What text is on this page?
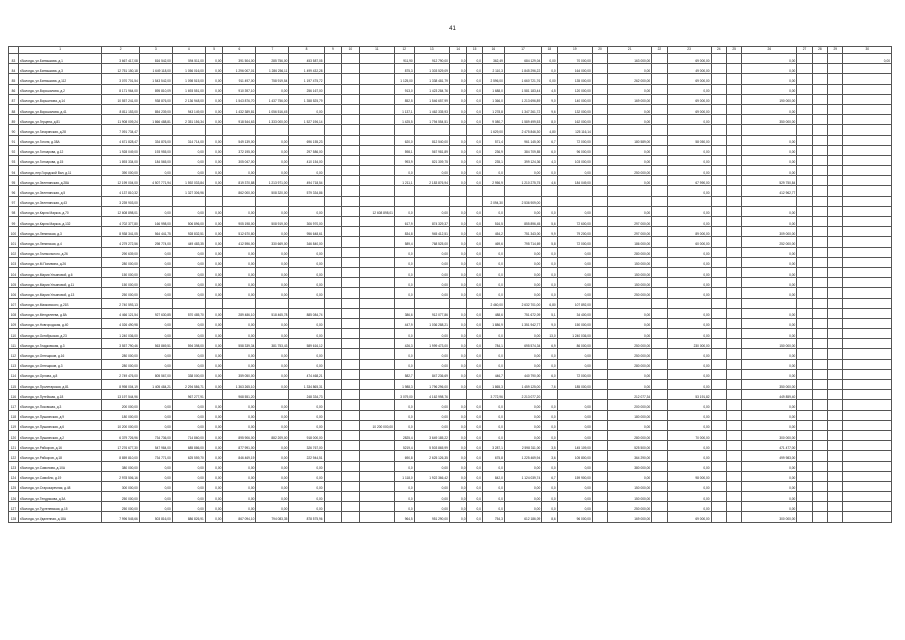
41
	1	2	3	4	5	6	7	8	9	10	11	12	13	14	15	16	17	18	19	20	21	22	23	24	25	26	27	28	29	30
83	г.Вологда, ул.Батюшкова, д.1	3 667 417,08	816 542,00	594 511,00	0,00	391 504,00	285 756,00	453 587,05				911,90	912 790,00	0,0	0,0	362,49	684 129,04	0,00	70 000,00		163 000,00		69 000,00			0,00				0,00
84	г.Вологда, ул.Батюшкова, д.3	12 751 150,18	1 649 118,00	1 056 016,00	0,00	1 296 007,01	1 286 256,11	1 499 432,28				875,3	1 303 529,09	0,0	0,0	2 110,3	1 845 296,22	0,0	164 000,00		0,00		49 000,00			0,00				
85	г.Вологда, ул.Батюшкова, д.112	3 070 701,54	1 543 542,00	1 098 515,00	0,00	911 497,00	758 919,54	1 197 475,72				1 125,00	1 338 481,79	0,0	0,0	2 596,00	1 660 721,76	0,00	135 000,00		262 000,00		69 000,00			0,00				
86	г.Вологда, ул.Ворошилова, д.2	8 171 964,00	895 810,09	1 693 551,00	0,00	910 397,10	0,00	256 167,00				913,0	1 423 284,76	0,0	0,0	1 688,0	1 581 183,44	4,5	120 000,00		0,00		0,00			0,00				
87	г.Вологда, ул.Воршилова, д.14	10 557 241,00	938 876,00	2 136 948,00	0,00	1 543 876,70	1 437 756,00	1 358 525,79				852,5	1 546 657,99	0,0	0,0	1 366,0	1 213 696,89	9,0	140 000,00		169 000,00		69 000,00			190 000,00				
88	г.Вологда, ул.Ворошилова, д.41	8 811 153,00	854 239,00	943 149,00	0,00	1 432 389,81	1 056 516,45	0,00				1 137,1	1 462 335,93	0,0	0,0	1 278,8	1 347 261,72	9,6	132 000,00		0,00		69 000,00			0,00				
89	г.Вологда, ул.Герцена, д.81	11 908 009,24	1 866 488,81	2 351 156,34	0,00	918 544,63	1 333 000,00	1 527 196,14				1 425,5	1 794 554,51	0,0	0,0	9 080,7	1 589 499,53	8,0	162 000,00		0,00		0,00			350 000,00				
90	г.Вологда, ул.Гагаринская, д.28	7 091 734,47														1 629,00	2 475 846,30	4,80	125 116,14											
91	г.Вологда, ул.Гоголя, д.38А	4 671 828,47	334 876,00	314 714,00	0,00	549 139,00	0,00	696 155,23				620,0	812 540,00	0,0	0,0	571,4	961 145,00	6,7	72 000,00		180 589,00		58 050,00			0,00				
92	г.Вологда, ул.Гончарова, д.12	1 928 049,00	193 955,00	0,00	0,00	372 195,00	0,00	297 586,00				598,1	567 981,89	0,0	0,0	236,9	384 709,85	6,0	96 000,00		0,00		0,00			0,00				
93	г.Вологда, ул.Гончарова, д.15	1 893 334,00	184 565,00	0,00	0,00	305 047,00	0,00	410 154,00				993,9	821 309,75	0,0	0,0	235,1	399 124,36	4,3	103 000,00		0,00		0,00			0,00				
94	г.Вологда, пер.Городской Вал, д.11	390 000,00	0,00	0,00	0,00	0,00	0,00	0,00				0,0	0,00	0,0	0,0	0,0	0,00	0,0	0,00		250 000,00		0,00			0,00				
95	г.Вологда, ул.Зеленинская, д.28А	12 199 004,00	4 507 771,94	1 592 033,84	0,00	819 370,88	1 213 971,00	494 718,54				1 211,1	2 183 876,94	0,0	0,0	2 956,9	1 210 275,75	4,6	184 049,00		0,00		67 990,00			529 750,84				
96	г.Вологда, ул.Зеленинская, д.5	4 137 810,32		1 327 306,96		862 000,00	508 320,00	579 334,86															0,00			412 962,77				
97	г.Вологда, ул.Зеленинская, д.43	3 239 903,00														2 094,30	2 536 909,00													
98	г.Вологда, ул.Карла Маркса, д.70	12 608 898,01	0,00	0,00	0,00	0,00	0,00	0,00			12 608 898,01	0,0	0,00	0,0	0,0	0,0	0,00	0,0	0,00		0,00		0,00			0,00				
99	г.Вологда, ул.Карла Маркса, д.132	4 702 377,80	166 998,00	506 896,00	0,00	905 198,00	508 919,00	306 970,00				617,9	874 329,37	0,0	0,0	516,5	855 896,45	5,6	72 600,00		297 000,00		0,00			0,00				
100	г.Вологда, ул.Ленинская, д.3	8 938 341,05	564 441,75	928 832,51	0,00	512 670,80	0,00	956 648,61				834,8	945 412,51	0,0	0,0	454,2	751 343,00	9,9	79 200,00		297 000,00		89 000,00			309 000,00				
101	г.Вологда, ул.Ленинская, д.4	4 279 272,56	298 774,00	449 483,35	0,00	412 596,00	330 669,00	346 840,00				589,4	768 525,00	0,0	0,0	469,6	795 714,69	5,8	72 000,00		186 000,00		60 000,00			252 000,00				
102	г.Вологда, ул.Глинкольного, д.26	290 639,00	0,00	0,00	0,00	0,00	0,00	0,00				0,0	0,00	0,0	0,0	0,0	0,00	0,0	0,00		280 000,00		0,00			0,00				
103	г.Вологда, ул.М.Поливина, д.26	280 000,00	0,00	0,00	0,00	0,00	0,00	0,00				0,0	0,00	0,0	0,0	0,0	0,00	0,0	0,00		150 000,00		0,00			0,00				
104	г.Вологда, ул.Марии Ульяновой, д.6	150 000,00	0,00	0,00	0,00	0,00	0,00	0,00				0,0	0,00	0,0	0,0	0,0	0,00	0,0	0,00		150 000,00		0,00			0,00				
105	г.Вологда, ул.Марии Ульяновой, д.11	150 000,00	0,00	0,00	0,00	0,00	0,00	0,00				0,0	0,00	0,0	0,0	0,0	0,00	0,0	0,00		150 000,00		0,00			0,00				
106	г.Вологда, ул.Марии Ульяновой, д.13	250 000,00	0,00	0,00	0,00	0,00	0,00	0,00				0,0	0,00	0,0	0,0	0,0	0,00	0,0	0,00		250 000,00		0,00			0,00				
107	г.Вологда, ул.Маяковского, д.21Б	2 740 593,13														2 460,00	2 632 701,00	6,80	107 892,00											
108	г.Вологда, ул.Менделеева, д.8А	4 466 121,54	927 630,85	570 485,70	0,00	289 486,10	518 465,78	885 084,74				386,6	912 077,86	0,0	0,0	488,6	751 672,09	5,1	34 400,00		0,00		0,00			0,00				
109	г.Вологда, ул.Новгородская, д.40	4 026 490,98	0,00	0,00	0,00	0,00	0,00	0,00				447,9	1 036 288,21	0,0	0,0	1 886,9	1 351 942,77	9,0	150 000,00		0,00		0,00			0,00				
110	г.Вологда, ул.Октябрьская, д.23	1 240 036,00	0,00	0,00	0,00	0,00	0,00	0,00				0,0	0,00	0,0	0,0	0,0	0,00	13,0	1 240 036,00		0,00		0,00			0,00				
111	г.Вологда, ул.Гладковская, д.3	3 557 790,46	563 869,51	594 398,00	0,00	558 339,34	381 753,43	589 616,12				426,3	1 999 473,00	0,0	0,0	784,1	695 574,34	6,9	86 000,00		250 000,00		230 000,00			150 000,00				
112	г.Вологда, ул.Огнещиков, д.16	280 000,00	0,00	0,00	0,00	0,00	0,00	0,00				0,0	0,00	0,0	0,0	0,0	0,00	0,0	0,00		250 000,00		0,00			0,00				
113	г.Вологда, ул.Огнещиков, д.3	280 000,00	0,00	0,00	0,00	0,00	0,00	0,00				0,0	0,00	0,0	0,0	0,0	0,00	0,0	0,00		280 000,00		0,00			0,00				
114	г.Вологда, ул.Орлова, д.8	2 749 476,00	805 567,00	338 000,00	0,00	359 050,00	0,00	474 468,21				582,7	847 236,69	0,0	0,0	446,7	440 790,00	6,0	72 000,00		0,00		0,00			0,00				
115	г.Вологда, ул.Пролетарская, д.81	8 998 004,19	1 405 484,21	2 294 586,71	0,00	1 363 265,10	0,00	1 334 865,31				1 988,3	1 796 296,00	0,0	0,0	1 865,3	1 459 125,00	7,6	185 000,00		0,00		0,00			350 000,00				
116	г.Вологда, ул.Путейская, д.18	13 197 544,96		967 277,91		968 551,20		248 334,73				3 079,00	4 162 998,76			3 772,96	2 213 077,20				212 077,34		53 191,82			449 859,40				
117	г.Вологда, ул.Псковская, д.3	200 000,00	0,00	0,00	0,00	0,00	0,00	0,00				0,0	0,00	0,0	0,0	0,0	0,00	0,0	0,00		200 000,00		0,00			0,00				
118	г.Вологда, ул.Пушкинская, д.9	180 000,00	0,00	0,00	0,00	0,00	0,00	0,00				0,0	0,00	0,0	0,0	0,0	0,00	0,0	0,00		180 000,00		0,00			0,00				
119	г.Вологда, ул.Пушкинская, д.6	10 200 000,00	0,00	0,00	0,00	0,00	0,00	0,00			10 200 000,00	0,0	0,00	0,0	0,0	0,0	0,00	0,0	0,00		0,00		0,00			0,00				
120	г.Вологда, ул.Пушкинская, д.2	6 379 726,96	734 736,00	714 860,00	0,00	895 906,00	882 209,00	918 000,00				2825,4	3 649 185,22	0,0	0,0	0,0	0,00	0,0	0,00		280 000,00		70 000,00			300 000,00				
121	г.Вологда, ул.Рабкоров, д.16	17 276 677,30	547 984,00	685 886,00	0,00	877 991,00	0,00	326 767,00				5219,4	5 503 865,99	0,0	0,0	3 287,1	2 598 311,00	3,5	145 109,00		525 500,00		0,00			471 477,00				
122	г.Вологда, ул.Рабкоров, д.18	8 859 810,00	734 771,00	625 559,70	0,00	846 469,19	0,00	222 944,51				690,8	2 625 126,35	0,0	0,0	675,8	1 225 469,94	3,6	105 800,00		364 290,00		0,00			499 983,00				
123	г.Вологда, ул.Самонова, д.10А	380 000,00	0,00	0,00	0,00	0,00	0,00	0,00				0,0	0,00	0,0	0,0	0,0	0,00	0,0	0,00		380 000,00		0,00			0,00				
124	г.Вологда, ул.Самойло, д.19	2 978 506,16	0,00	0,00	0,00	0,00	0,00	0,00				1 118,0	1 922 366,42	0,0	0,0	842,0	1 124 039,74	6,7	159 900,00		0,00		98 000,00			0,00				
125	г.Вологда, ул.Старозаречная, д.48	300 000,00	0,00	0,00	0,00	0,00	0,00	0,00				0,0	0,00	0,0	0,0	0,0	0,00	0,0	0,00		150 000,00		0,00			0,00				
126	г.Вологда, ул.Тендрякова, д.3А	250 000,00	0,00	0,00	0,00	0,00	0,00	0,00				0,0	0,00	0,0	0,0	0,0	0,00	0,0	0,00		150 000,00		0,00			0,00				
127	г.Вологда, ул.Тургеневская, д.15	250 000,00	0,00	0,00	0,00	0,00	0,00	0,00				0,0	0,00	0,0	0,0	0,0	0,00	0,0	0,00		250 000,00		0,00			0,00				
128	г.Вологда, ул.Удаленная, д.18А	7 996 545,66	503 816,00	886 826,91	0,00	867 094,10	794 083,35	878 575,96				964,5	951 290,00	0,0	0,0	754,3	612 186,09	8,6	96 000,00		169 000,00		69 000,00			300 000,00				
